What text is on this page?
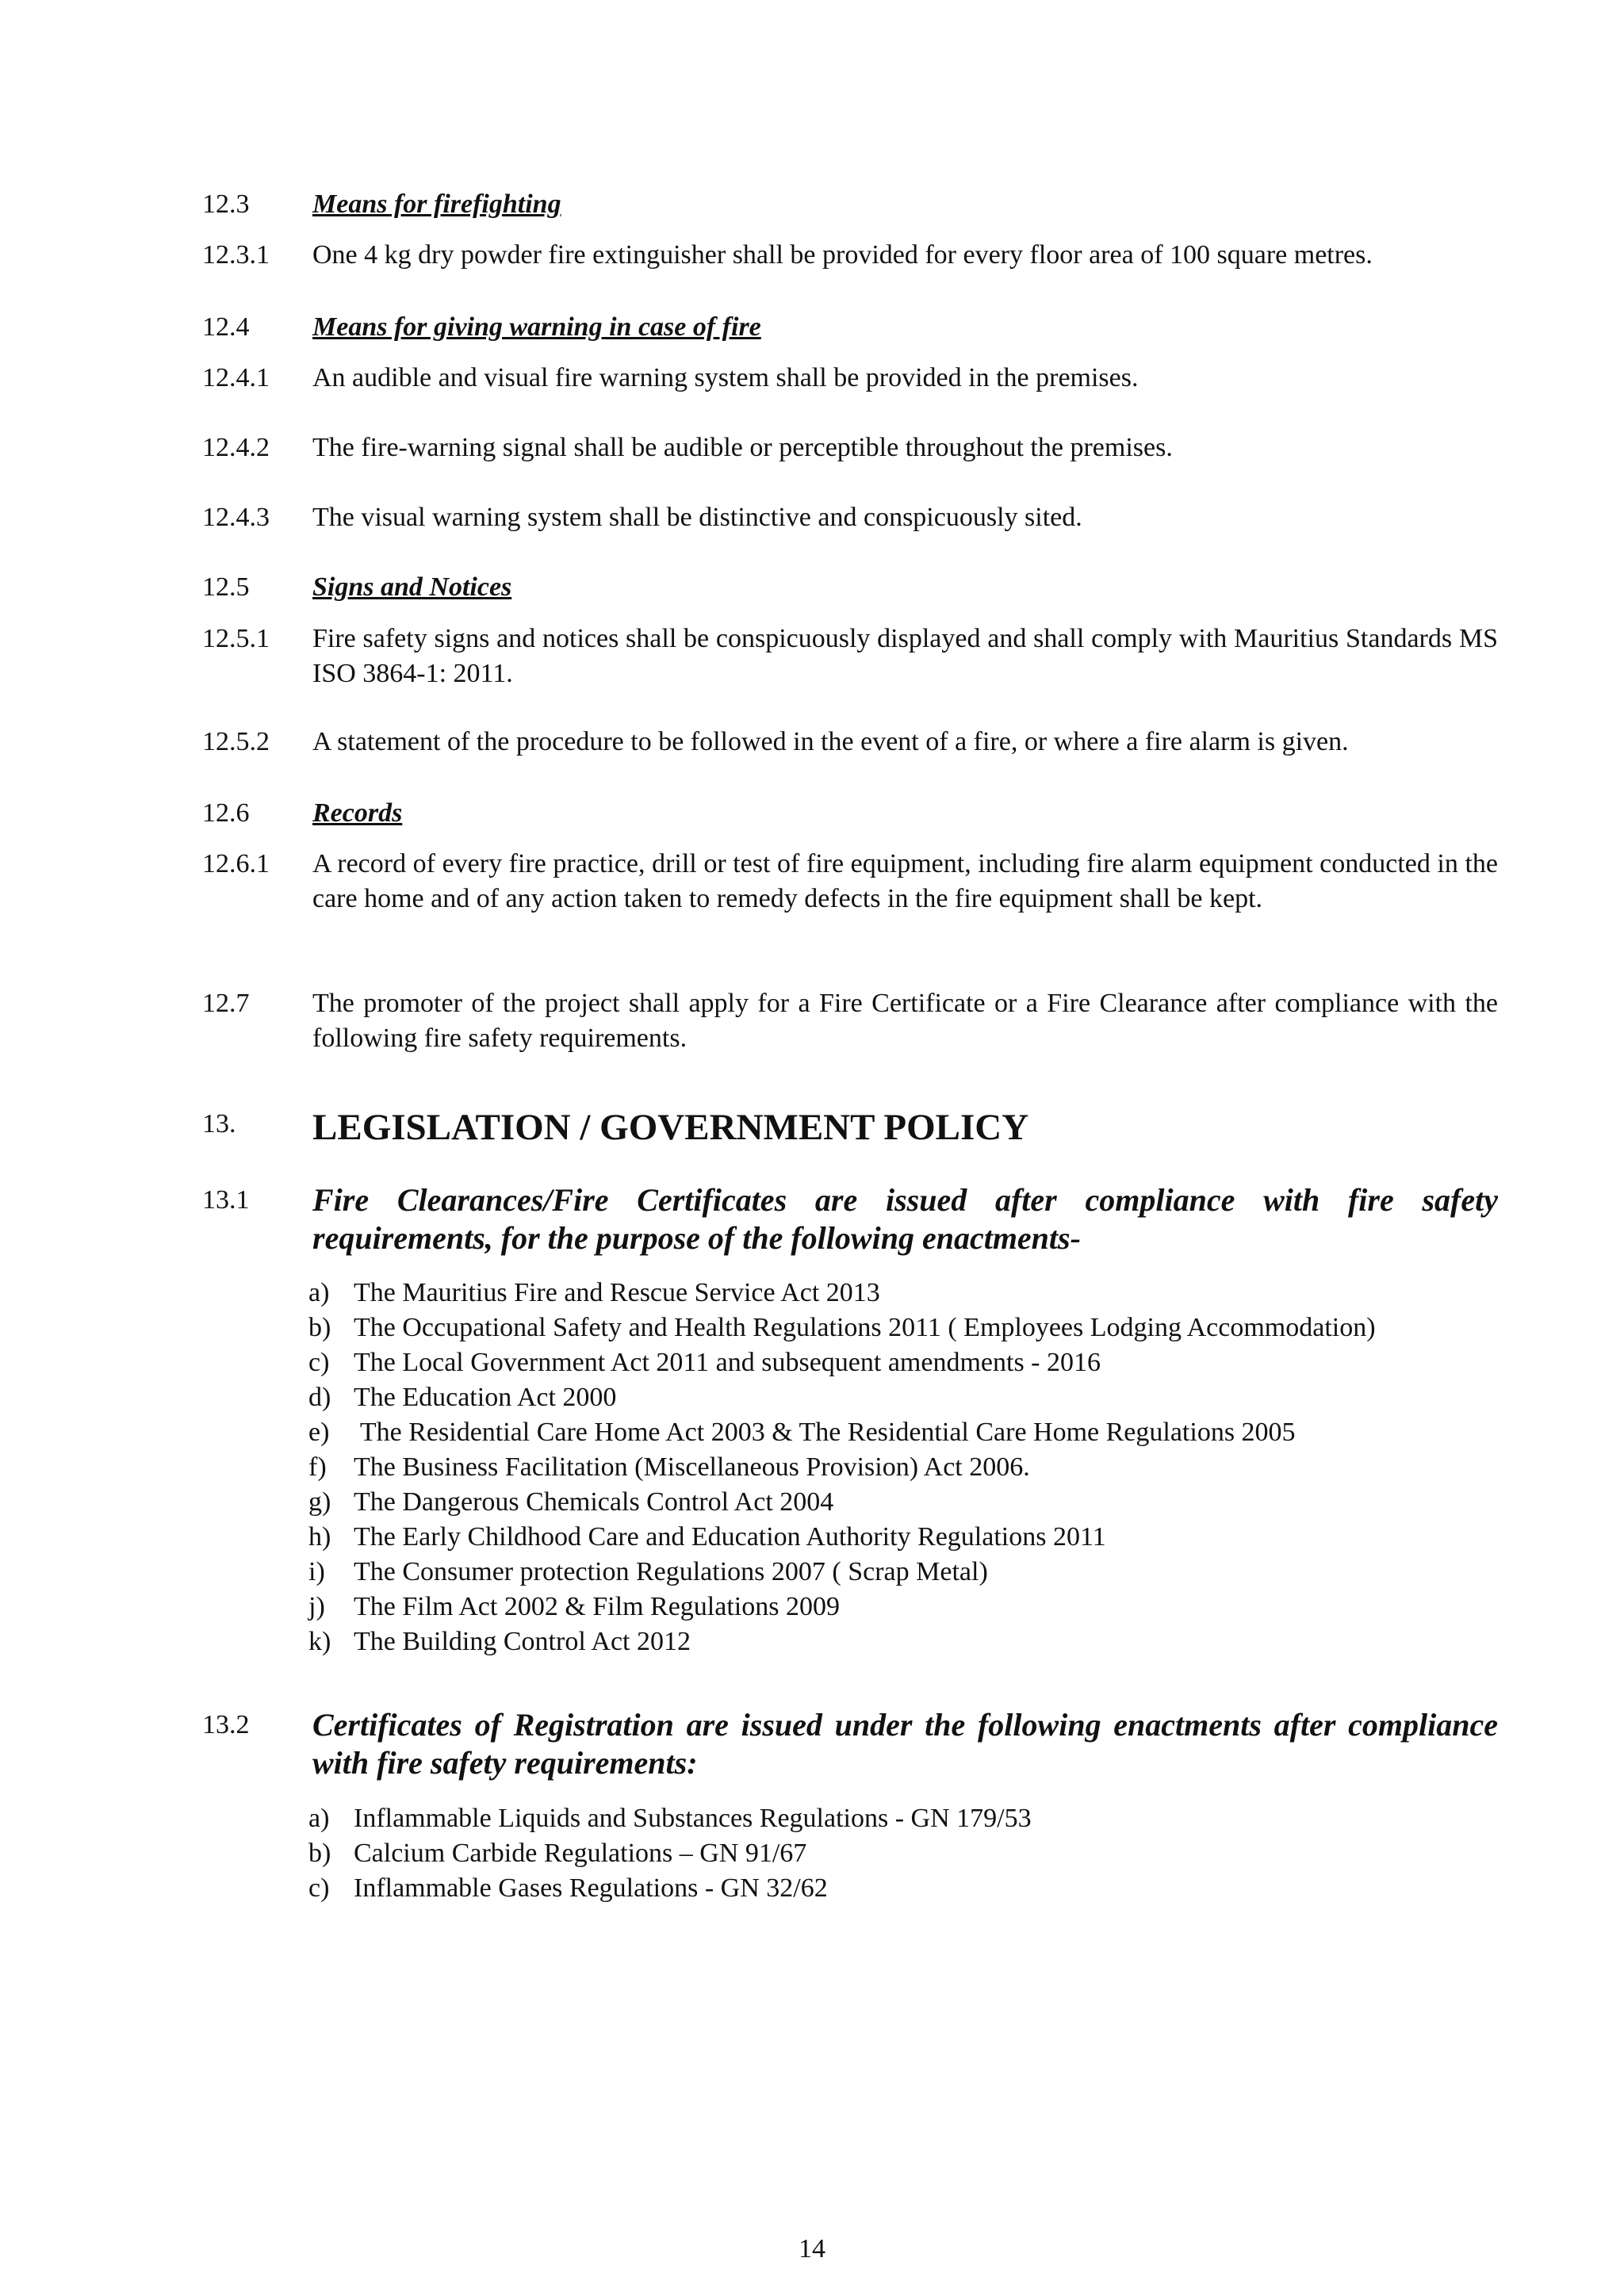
12.3 Means for firefighting
12.3.1 One 4 kg dry powder fire extinguisher shall be provided for every floor area of 100 square metres.
12.4 Means for giving warning in case of fire
12.4.1 An audible and visual fire warning system shall be provided in the premises.
12.4.2 The fire-warning signal shall be audible or perceptible throughout the premises.
12.4.3 The visual warning system shall be distinctive and conspicuously sited.
12.5 Signs and Notices
12.5.1 Fire safety signs and notices shall be conspicuously displayed and shall comply with Mauritius Standards MS ISO 3864-1: 2011.
12.5.2 A statement of the procedure to be followed in the event of a fire, or where a fire alarm is given.
12.6 Records
12.6.1 A record of every fire practice, drill or test of fire equipment, including fire alarm equipment conducted in the care home and of any action taken to remedy defects in the fire equipment shall be kept.
12.7 The promoter of the project shall apply for a Fire Certificate or a Fire Clearance after compliance with the following fire safety requirements.
13. LEGISLATION / GOVERNMENT POLICY
13.1 Fire Clearances/Fire Certificates are issued after compliance with fire safety requirements, for the purpose of the following enactments-
a) The Mauritius Fire and Rescue Service Act 2013
b) The Occupational Safety and Health Regulations 2011 ( Employees Lodging Accommodation)
c) The Local Government Act 2011 and subsequent amendments - 2016
d) The Education Act 2000
e) The Residential Care Home Act 2003 & The Residential Care Home Regulations 2005
f) The Business Facilitation (Miscellaneous Provision) Act 2006.
g) The Dangerous Chemicals Control Act 2004
h) The Early Childhood Care and Education Authority Regulations 2011
i) The Consumer protection Regulations 2007 ( Scrap Metal)
j) The Film Act 2002 & Film Regulations 2009
k) The Building Control Act 2012
13.2 Certificates of Registration are issued under the following enactments after compliance with fire safety requirements:
a) Inflammable Liquids and Substances Regulations - GN 179/53
b) Calcium Carbide Regulations – GN 91/67
c) Inflammable Gases Regulations - GN 32/62
14
